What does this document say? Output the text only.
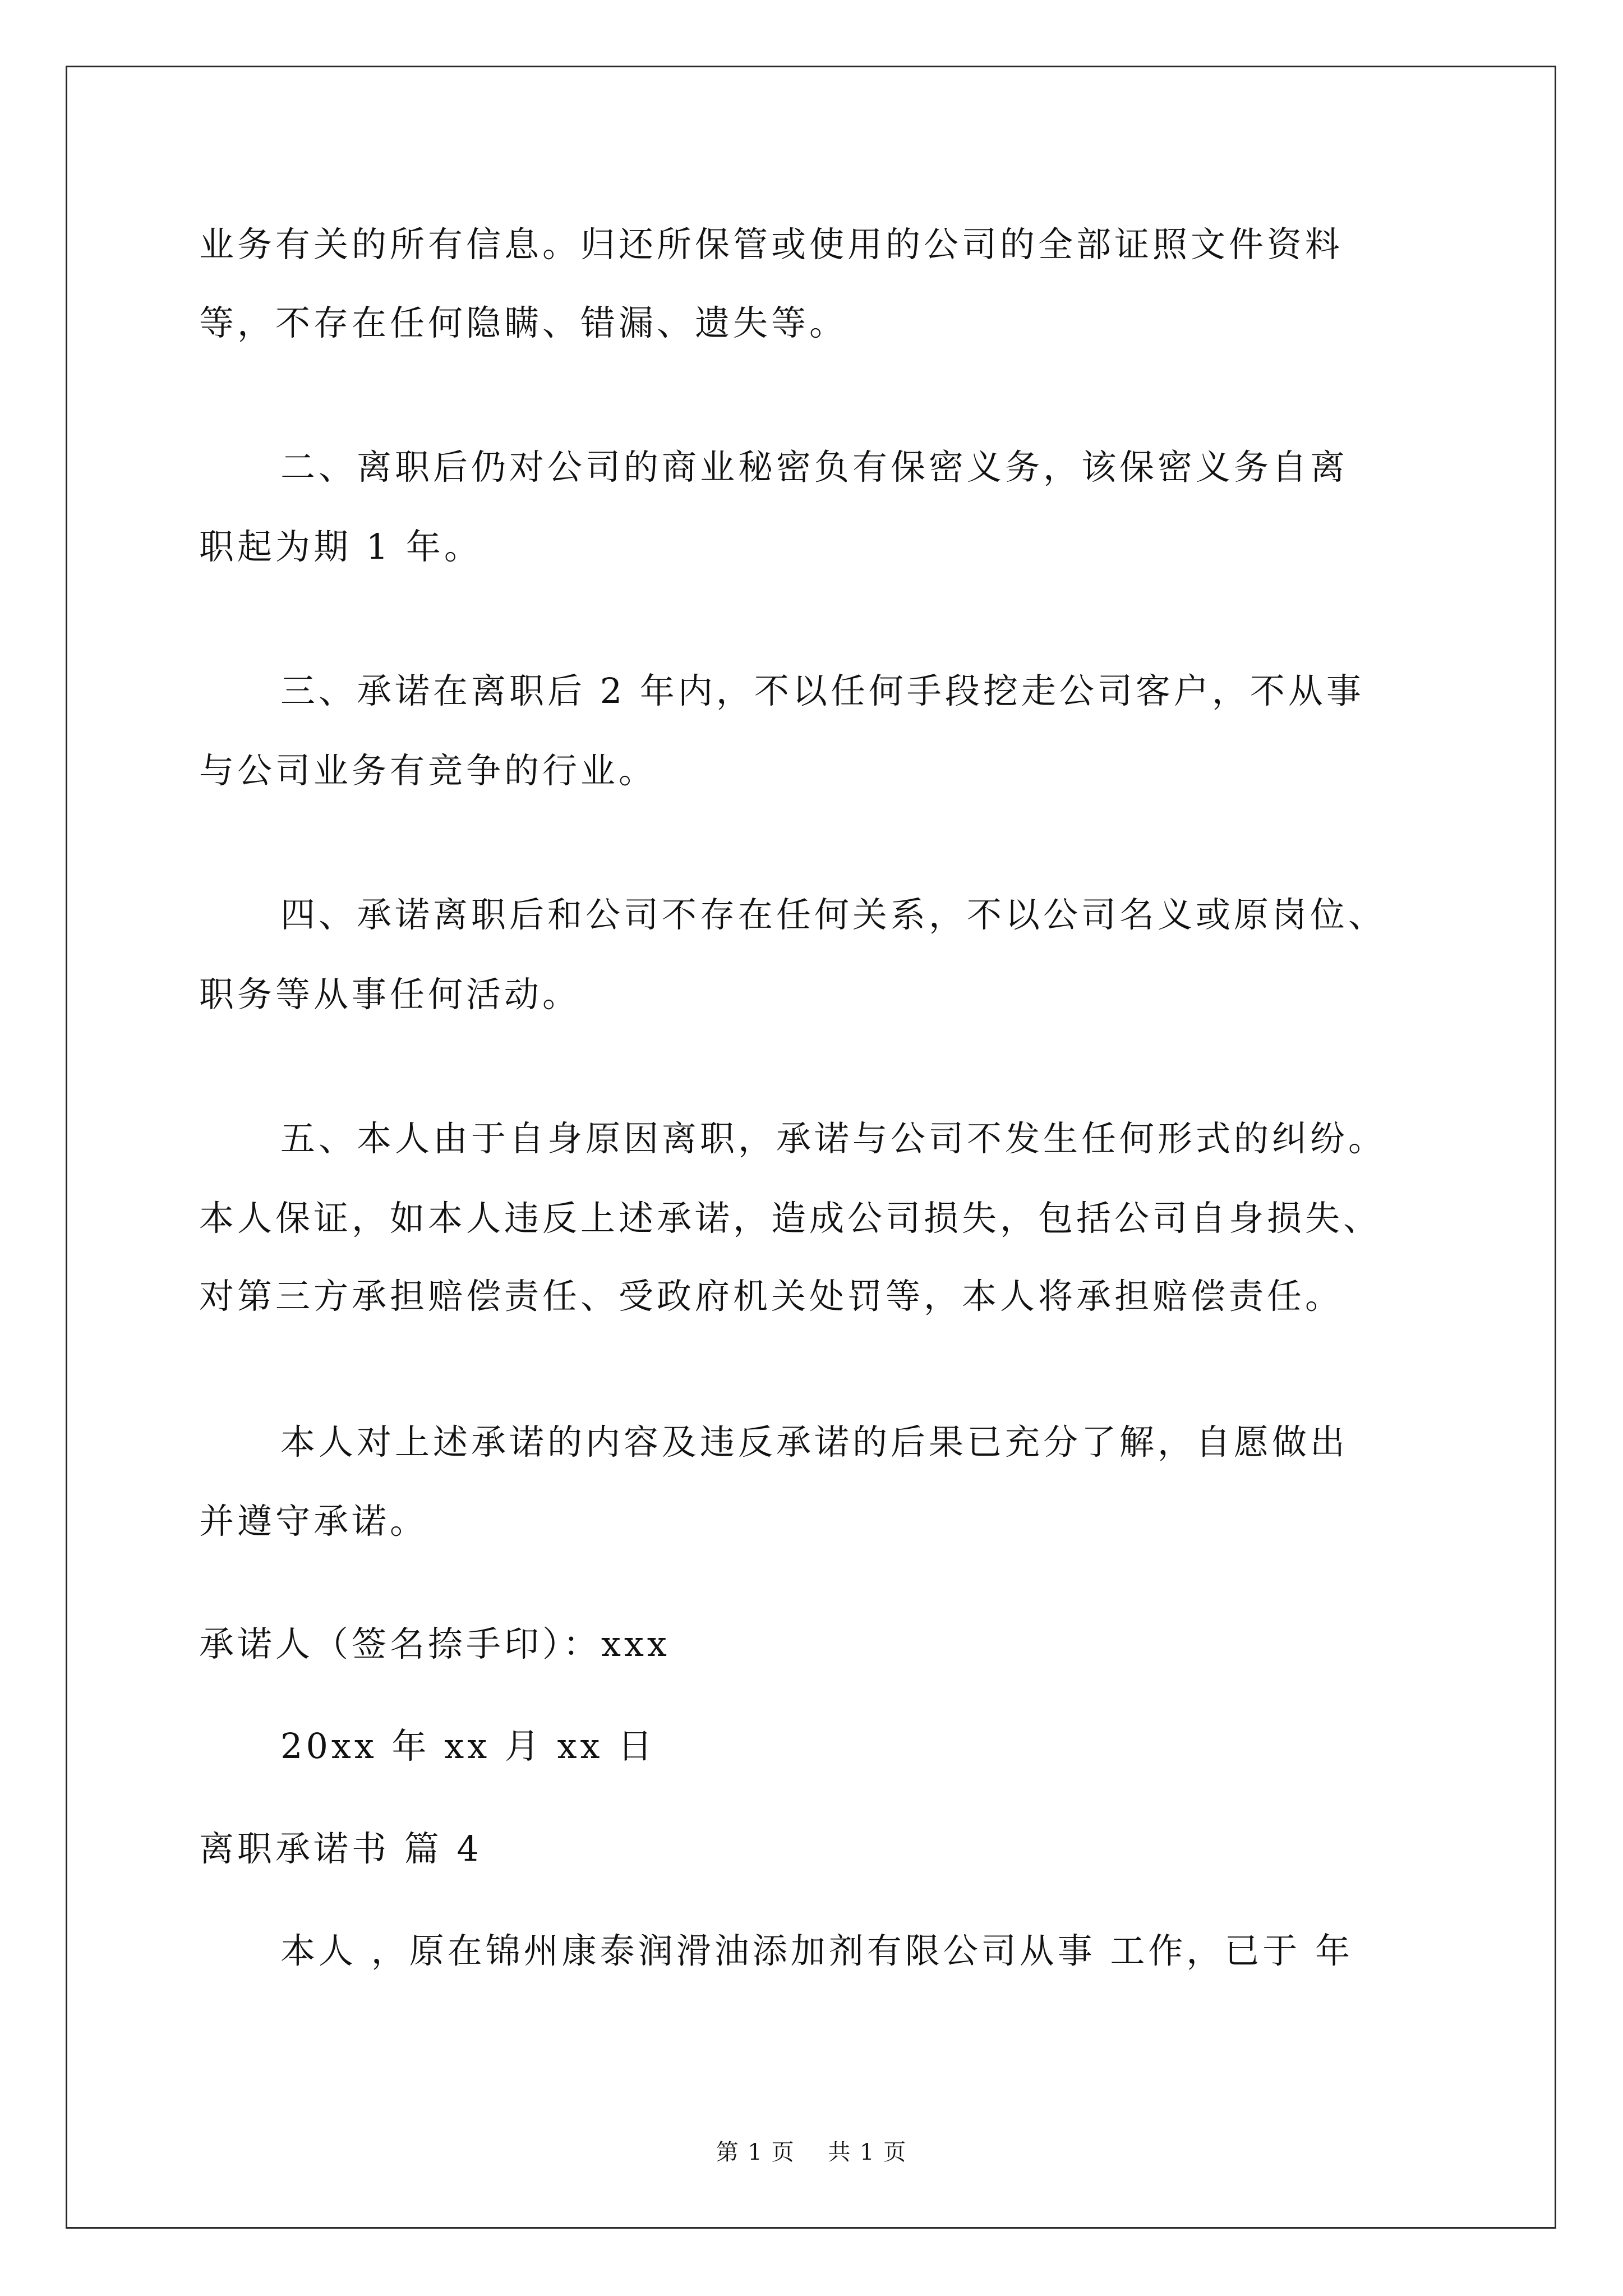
业务有关的所有信息。归还所保管或使用的公司的全部证照文件资料
等，不存在任何隐瞒、错漏、遗失等。
二、离职后仍对公司的商业秘密负有保密义务，该保密义务自离
职起为期 1 年。
三、承诺在离职后 2 年内，不以任何手段挖走公司客户，不从事
与公司业务有竞争的行业。
四、承诺离职后和公司不存在任何关系，不以公司名义或原岗位、
职务等从事任何活动。
五、本人由于自身原因离职，承诺与公司不发生任何形式的纠纷。
本人保证，如本人违反上述承诺，造成公司损失，包括公司自身损失、
对第三方承担赔偿责任、受政府机关处罚等，本人将承担赔偿责任。
本人对上述承诺的内容及违反承诺的后果已充分了解，自愿做出
并遵守承诺。
承诺人（签名捺手印）：xxx
20xx 年 xx 月 xx 日
离职承诺书 篇 4
本人 ，原在锦州康泰润滑油添加剂有限公司从事 工作，已于 年
第 1 页    共 1 页
